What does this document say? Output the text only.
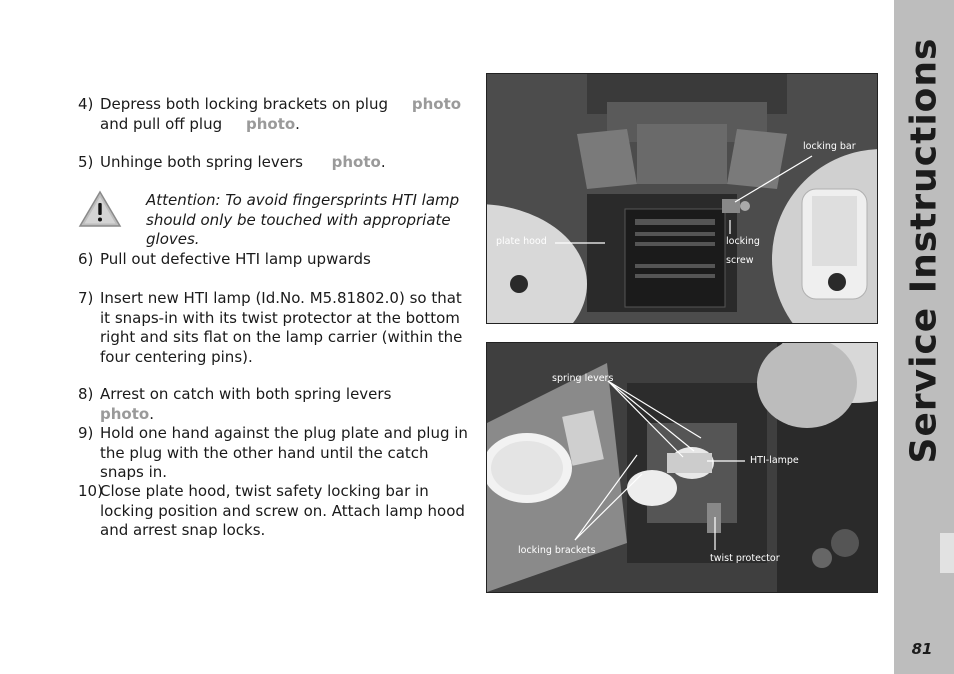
Service Instructions
81
4) Depress both locking brackets on plug     photo and pull off plug     photo.
5) Unhinge both spring levers      photo.
Attention: To avoid fingersprints HTI lamp should only be touched with appropriate gloves.
6) Pull out defective HTI lamp upwards
7) Insert new HTI lamp (Id.No. M5.81802.0) so that it snaps-in with its twist protector at the bottom right and sits flat on the lamp carrier (within the four centering pins).
8) Arrest on catch with both spring levers      photo.
9) Hold one hand against the plug plate and plug in the plug with the other hand until the catch snaps in.
10)
Close plate hood, twist safety locking bar in locking position and screw on. Attach lamp hood and arrest snap locks.
locking bar
plate hood	locking
screw
spring levers
HTI-lampe
locking brackets
twist protector
